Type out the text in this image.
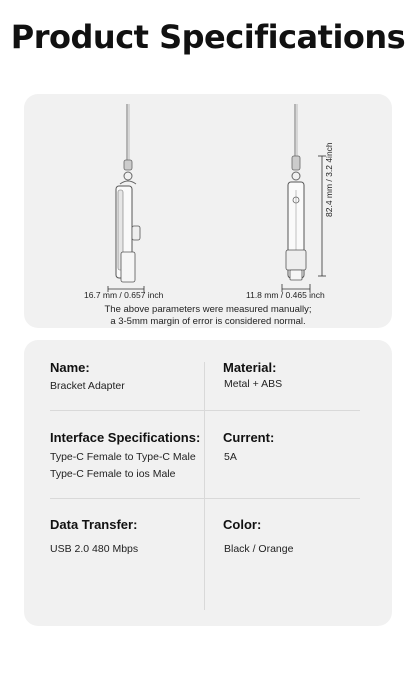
Product Specifications
16.7 mm / 0.657 inch	11.8 mm / 0.465 inch
82.4 mm / 3.2 4inch
The above parameters were measured manually;
a 3-5mm margin of error is considered normal.
Name:
Bracket Adapter
Material:
Metal + ABS
Interface Specifications:
Type-C Female to Type-C Male
Type-C Female to ios Male
Current:
5A
Data Transfer:
USB 2.0 480 Mbps
Color:
Black / Orange
